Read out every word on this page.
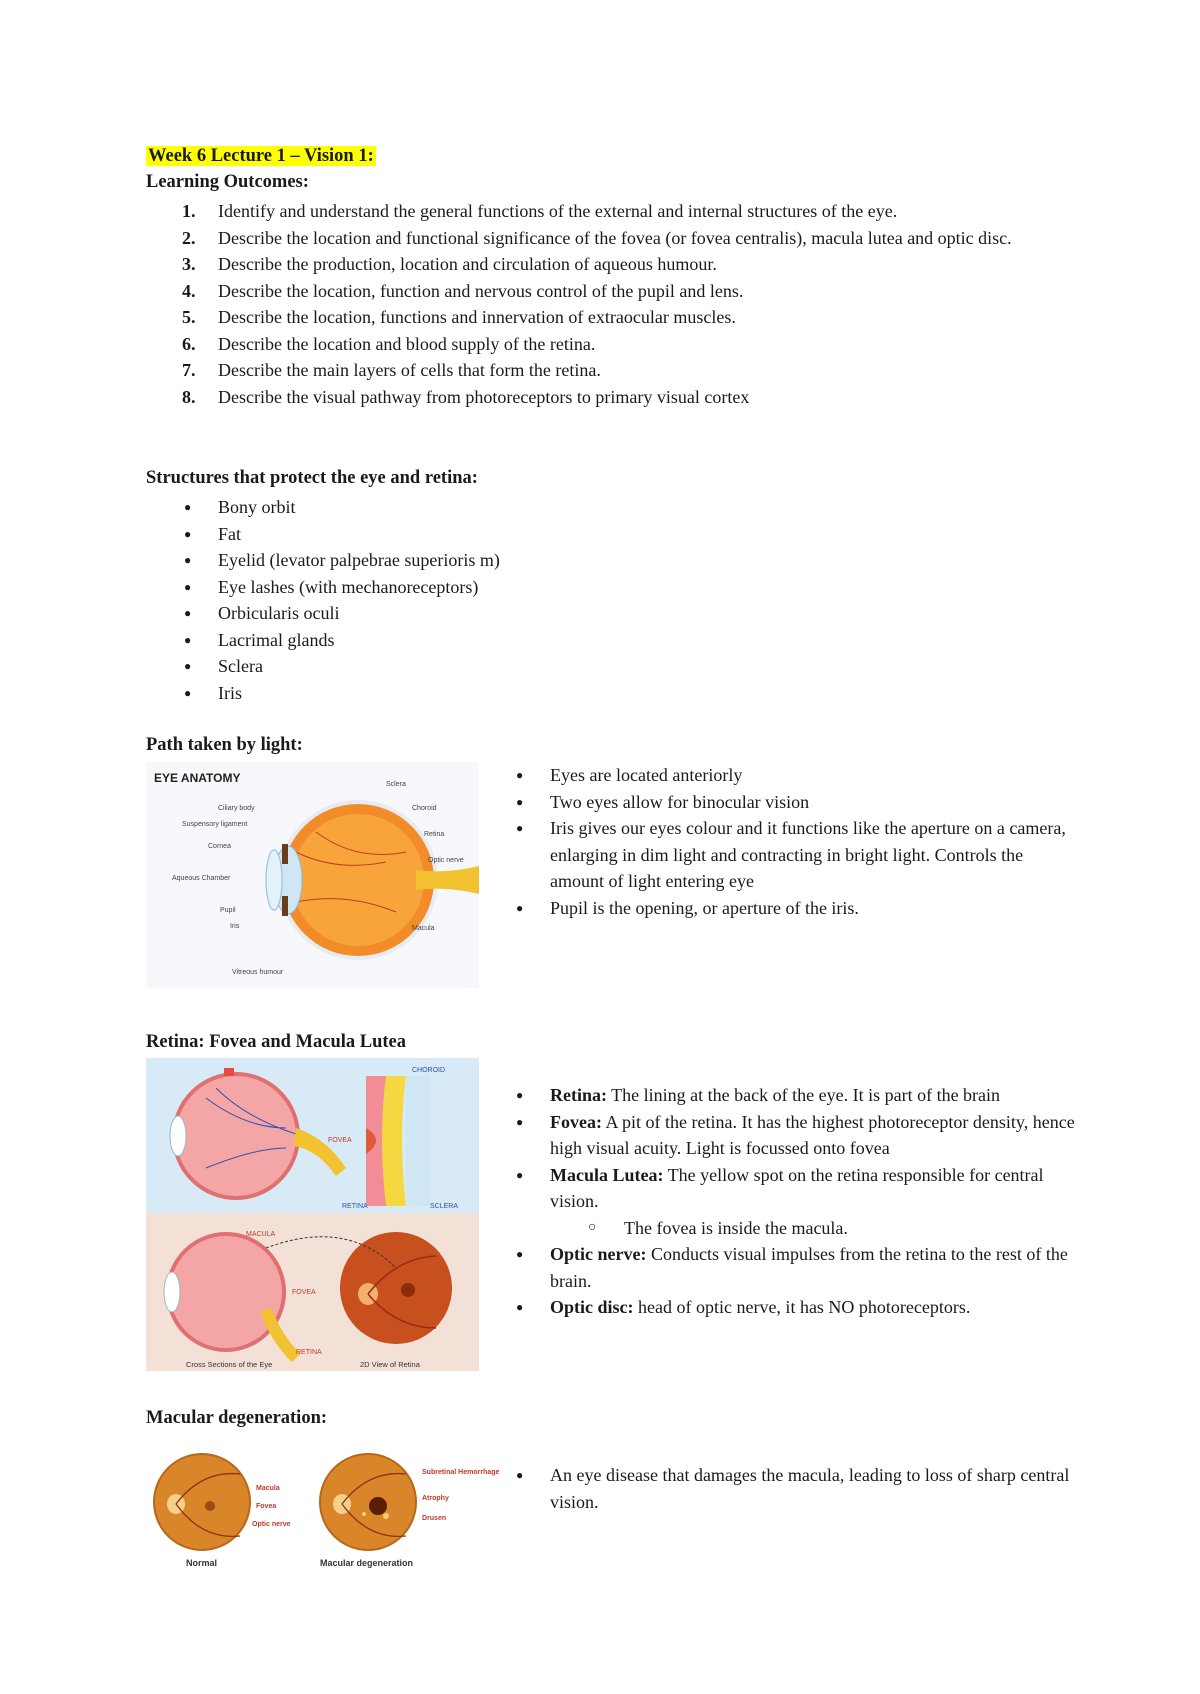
Week 6 Lecture 1 – Vision 1:
Learning Outcomes:
1. Identify and understand the general functions of the external and internal structures of the eye.
2. Describe the location and functional significance of the fovea (or fovea centralis), macula lutea and optic disc.
3. Describe the production, location and circulation of aqueous humour.
4. Describe the location, function and nervous control of the pupil and lens.
5. Describe the location, functions and innervation of extraocular muscles.
6. Describe the location and blood supply of the retina.
7. Describe the main layers of cells that form the retina.
8. Describe the visual pathway from photoreceptors to primary visual cortex
Structures that protect the eye and retina:
● Bony orbit
● Fat
● Eyelid (levator palpebrae superioris m)
● Eye lashes (with mechanoreceptors)
● Orbicularis oculi
● Lacrimal glands
● Sclera
● Iris
Path taken by light:
EYE ANATOMY
Ciliary body
Suspensory ligament
Cornea
Aqueous Chamber
Pupil
Iris
Vitreous humour
Sclera
Choroid
Retina
Optic nerve
Macula
● Eyes are located anteriorly
● Two eyes allow for binocular vision
● Iris gives our eyes colour and it functions like the aperture on a camera, enlarging in dim light and contracting in bright light. Controls the amount of light entering eye
● Pupil is the opening, or aperture of the iris.
Retina: Fovea and Macula Lutea
CHOROID
FOVEA
RETINA	SCLERA
MACULA
FOVEA
RETINA
Cross Sections of the Eye	2D View of Retina
● Retina: The lining at the back of the eye. It is part of the brain
● Fovea: A pit of the retina. It has the highest photoreceptor density, hence high visual acuity. Light is focussed onto fovea
● Macula Lutea: The yellow spot on the retina responsible for central vision.
○ The fovea is inside the macula.
● Optic nerve: Conducts visual impulses from the retina to the rest of the brain.
● Optic disc: head of optic nerve, it has NO photoreceptors.
Macular degeneration:
Macula
Fovea
Optic nerve
Subretinal Hemorrhage
Atrophy
Drusen
Normal	Macular degeneration
● An eye disease that damages the macula, leading to loss of sharp central vision.
